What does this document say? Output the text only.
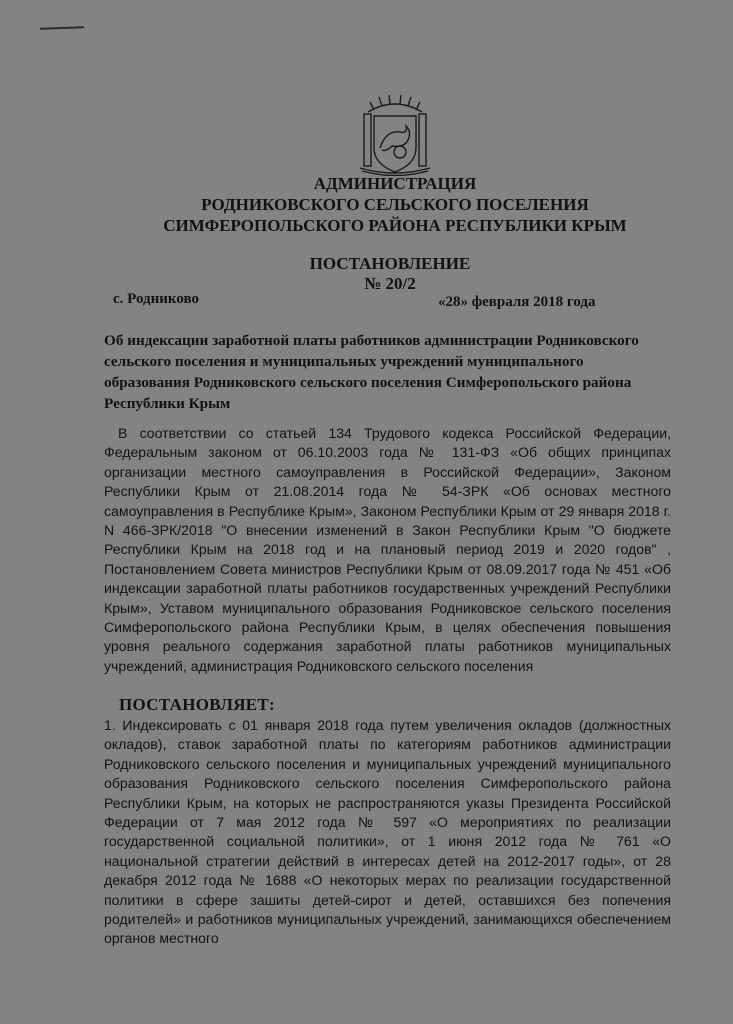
АДМИНИСТРАЦИЯ
РОДНИКОВСКОГО СЕЛЬСКОГО ПОСЕЛЕНИЯ
СИМФЕРОПОЛЬСКОГО РАЙОНА РЕСПУБЛИКИ КРЫМ
ПОСТАНОВЛЕНИЕ
№ 20/2
с. Родниково	«28» февраля 2018 года
Об индексации заработной платы работников администрации Родниковского сельского поселения и муниципальных учреждений муниципального образования Родниковского сельского поселения Симферопольского района Республики Крым
В соответствии со статьей 134 Трудового кодекса Российской Федерации, Федеральным законом от 06.10.2003 года № 131-ФЗ «Об общих принципах организации местного самоуправления в Российской Федерации», Законом Республики Крым от 21.08.2014 года № 54-ЗРК «Об основах местного самоуправления в Республике Крым», Законом Республики Крым от 29 января 2018 г. N 466-ЗРК/2018 "О внесении изменений в Закон Республики Крым "О бюджете Республики Крым на 2018 год и на плановый период 2019 и 2020 годов" , Постановлением Совета министров Республики Крым от 08.09.2017 года № 451 «Об индексации заработной платы работников государственных учреждений Республики Крым», Уставом муниципального образования Родниковское сельского поселения Симферопольского района Республики Крым, в целях обеспечения повышения уровня реального содержания заработной платы работников муниципальных учреждений, администрация Родниковского сельского поселения
ПОСТАНОВЛЯЕТ:
1. Индексировать с 01 января 2018 года путем увеличения окладов (должностных окладов), ставок заработной платы по категориям работников администрации Родниковского сельского поселения и муниципальных учреждений муниципального образования Родниковского сельского поселения Симферопольского района Республики Крым, на которых не распространяются указы Президента Российской Федерации от 7 мая 2012 года № 597 «О мероприятиях по реализации государственной социальной политики», от 1 июня 2012 года № 761 «О национальной стратегии действий в интересах детей на 2012-2017 годы», от 28 декабря 2012 года № 1688 «О некоторых мерах по реализации государственной политики в сфере зашиты детей-сирот и детей, оставшихся без попечения родителей» и работников муниципальных учреждений, занимающихся обеспечением органов местного
